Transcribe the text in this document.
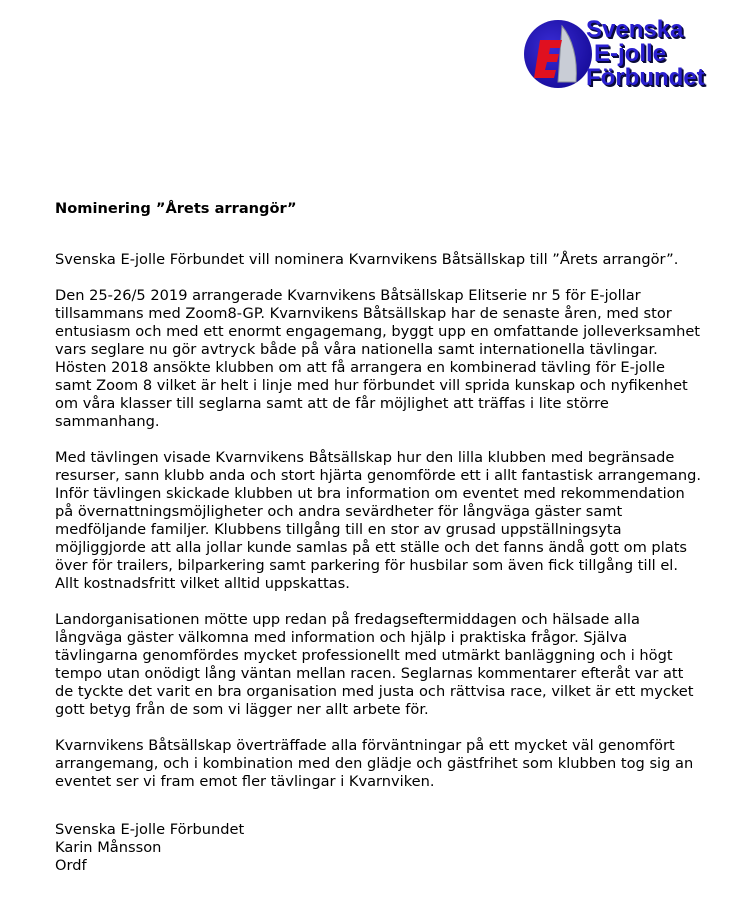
Svenska
E-jolle
Förbundet

Nominering ”Årets arrangör”

Svenska E-jolle Förbundet vill nominera Kvarnvikens Båtsällskap till ”Årets arrangör”.

Den 25-26/5 2019 arrangerade Kvarnvikens Båtsällskap Elitserie nr 5 för E-jollar tillsammans med Zoom8-GP. Kvarnvikens Båtsällskap har de senaste åren, med stor entusiasm och med ett enormt engagemang, byggt upp en omfattande jolleverksamhet vars seglare nu gör avtryck både på våra nationella samt internationella tävlingar. Hösten 2018 ansökte klubben om att få arrangera en kombinerad tävling för E-jolle samt Zoom 8 vilket är helt i linje med hur förbundet vill sprida kunskap och nyfikenhet om våra klasser till seglarna samt att de får möjlighet att träffas i lite större sammanhang.

Med tävlingen visade Kvarnvikens Båtsällskap hur den lilla klubben med begränsade resurser, sann klubb anda och stort hjärta genomförde ett i allt fantastisk arrangemang. Inför tävlingen skickade klubben ut bra information om eventet med rekommendation på övernattningsmöjligheter och andra sevärdheter för långväga gäster samt medföljande familjer. Klubbens tillgång till en stor av grusad uppställningsyta möjliggjorde att alla jollar kunde samlas på ett ställe och det fanns ändå gott om plats över för trailers, bilparkering samt parkering för husbilar som även fick tillgång till el. Allt kostnadsfritt vilket alltid uppskattas.

Landorganisationen mötte upp redan på fredagseftermiddagen och hälsade alla långväga gäster välkomna med information och hjälp i praktiska frågor. Själva tävlingarna genomfördes mycket professionellt med utmärkt banläggning och i högt tempo utan onödigt lång väntan mellan racen. Seglarnas kommentarer efteråt var att de tyckte det varit en bra organisation med justa och rättvisa race, vilket är ett mycket gott betyg från de som vi lägger ner allt arbete för.

Kvarnvikens Båtsällskap överträffade alla förväntningar på ett mycket väl genomfört arrangemang, och i kombination med den glädje och gästfrihet som klubben tog sig an eventet ser vi fram emot fler tävlingar i Kvarnviken.

Svenska E-jolle Förbundet
Karin Månsson
Ordf
